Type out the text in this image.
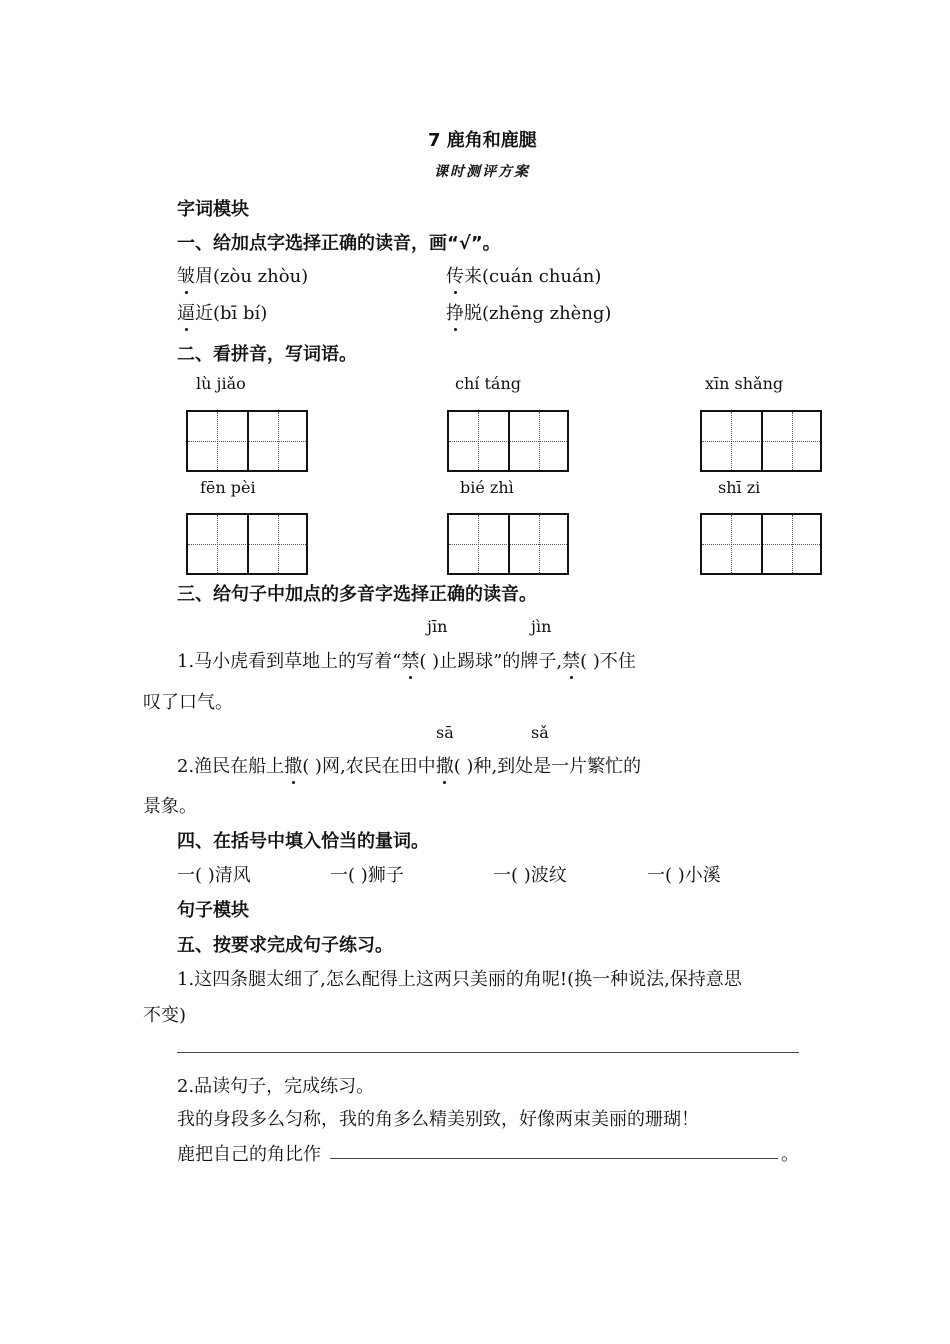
7 鹿角和鹿腿
课时测评方案
字词模块
一、给加点字选择正确的读音，画“√”。
皱眉(zòu zhòu)	传来(cuán chuán)
逼近(bī bí)	挣脱(zhēng zhèng)
二、看拼音，写词语。
lù jiǎo	chí táng	xīn shǎng
fēn pèi	bié zhì	shī zi
三、给句子中加点的多音字选择正确的读音。
jīn	jìn
1.马小虎看到草地上的写着“禁( )止踢球”的牌子,禁( )不住
叹了口气。
sā	sǎ
2.渔民在船上撒( )网,农民在田中撒( )种,到处是一片繁忙的
景象。
四、在括号中填入恰当的量词。
一( )清风	一( )狮子	一( )波纹	一( )小溪
句子模块
五、按要求完成句子练习。
1.这四条腿太细了,怎么配得上这两只美丽的角呢!(换一种说法,保持意思
不变)
2.品读句子，完成练习。
我的身段多么匀称，我的角多么精美别致，好像两束美丽的珊瑚！
鹿把自己的角比作	。
